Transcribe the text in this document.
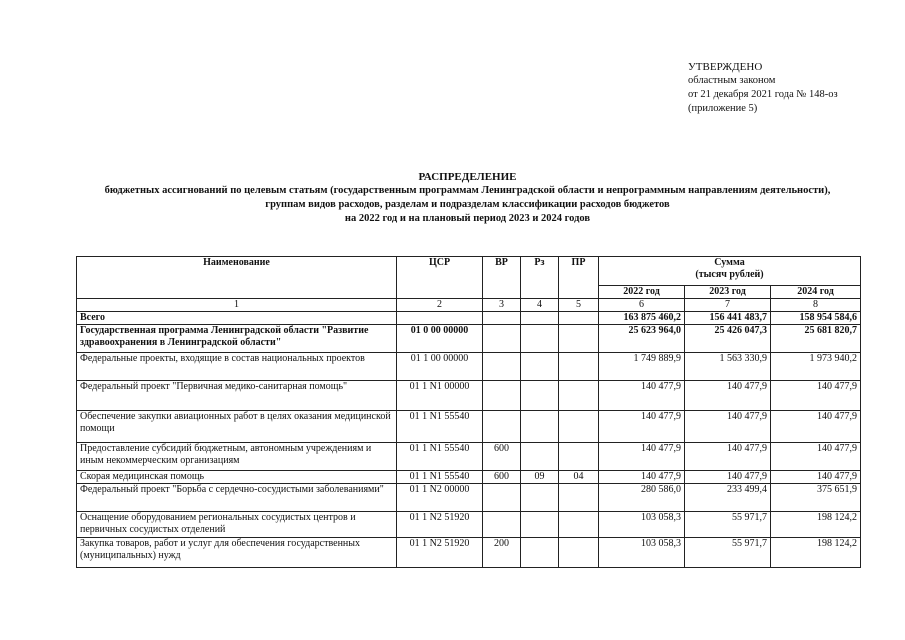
УТВЕРЖДЕНО
областным законом
от 21 декабря 2021 года № 148-оз
(приложение 5)
РАСПРЕДЕЛЕНИЕ
бюджетных ассигнований по целевым статьям (государственным программам Ленинградской области и непрограммным направлениям деятельности),
группам видов расходов, разделам и подразделам классификации расходов бюджетов
на 2022 год и на плановый период 2023 и 2024 годов
Наименование	ЦСР	ВР	Рз	ПР	Сумма
(тысяч рублей)		

					2022 год	2023 год	2024 год
1	2	3	4	5	6	7	8
Всего					163 875 460,2	156 441 483,7	158 954 584,6
Государственная программа Ленинградской области "Развитие здравоохранения в Ленинградской области"	01 0 00 00000				25 623 964,0	25 426 047,3	25 681 820,7
Федеральные проекты, входящие в состав национальных проектов	01 1 00 00000				1 749 889,9	1 563 330,9	1 973 940,2
Федеральный проект "Первичная медико-санитарная помощь"	01 1 N1 00000				140 477,9	140 477,9	140 477,9
Обеспечение закупки авиационных работ в целях оказания медицинской помощи	01 1 N1 55540				140 477,9	140 477,9	140 477,9
Предоставление субсидий бюджетным, автономным учреждениям и иным некоммерческим организациям	01 1 N1 55540	600			140 477,9	140 477,9	140 477,9
Скорая медицинская помощь	01 1 N1 55540	600	09	04	140 477,9	140 477,9	140 477,9
Федеральный проект "Борьба с сердечно-сосудистыми заболеваниями"	01 1 N2 00000				280 586,0	233 499,4	375 651,9
Оснащение оборудованием региональных сосудистых центров и первичных сосудистых отделений	01 1 N2 51920				103 058,3	55 971,7	198 124,2
Закупка товаров, работ и услуг для обеспечения государственных (муниципальных) нужд	01 1 N2 51920	200			103 058,3	55 971,7	198 124,2
